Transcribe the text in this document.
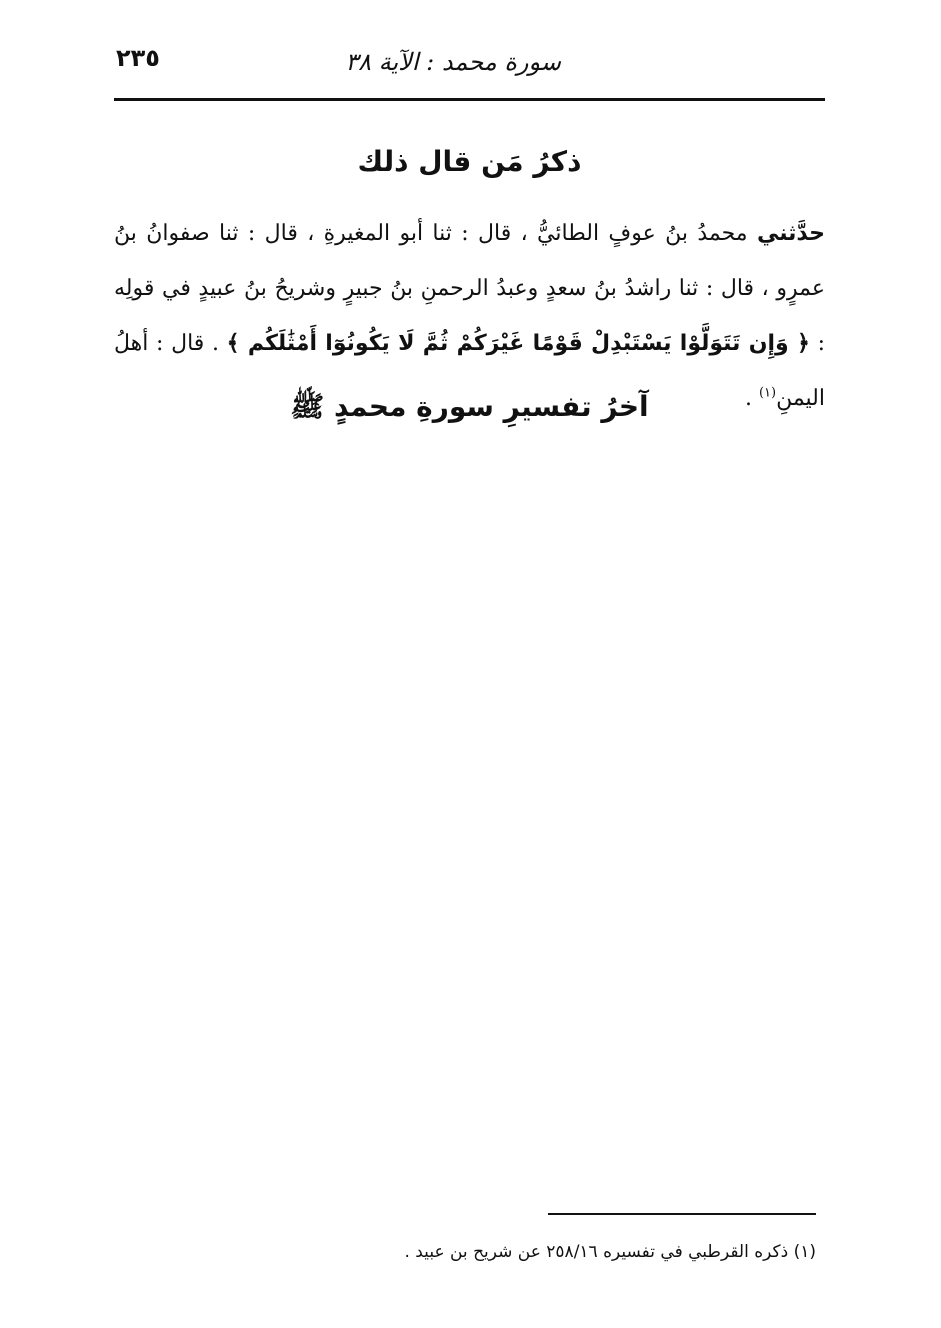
٢٣٥	سورة محمد : الآية ٣٨
ذكرُ مَن قال ذلك
حدَّثني محمدُ بنُ عوفٍ الطائيُّ ، قال : ثنا أبو المغيرةِ ، قال : ثنا صفوانُ بنُ عمرٍو ، قال : ثنا راشدُ بنُ سعدٍ وعبدُ الرحمنِ بنُ جبيرٍ وشريحُ بنُ عبيدٍ في قولِه : ﴿ وَإِن تَتَوَلَّوْا يَسْتَبْدِلْ قَوْمًا غَيْرَكُمْ ثُمَّ لَا يَكُونُوٓا أَمْثَٰلَكُم ﴾ . قال : أهلُ اليمنِ$^{(١)}$ .
آخرُ تفسيرِ سورةِ محمدٍ ﷺ
(١) ذكره القرطبي في تفسيره ٢٥٨/١٦ عن شريح بن عبيد .
